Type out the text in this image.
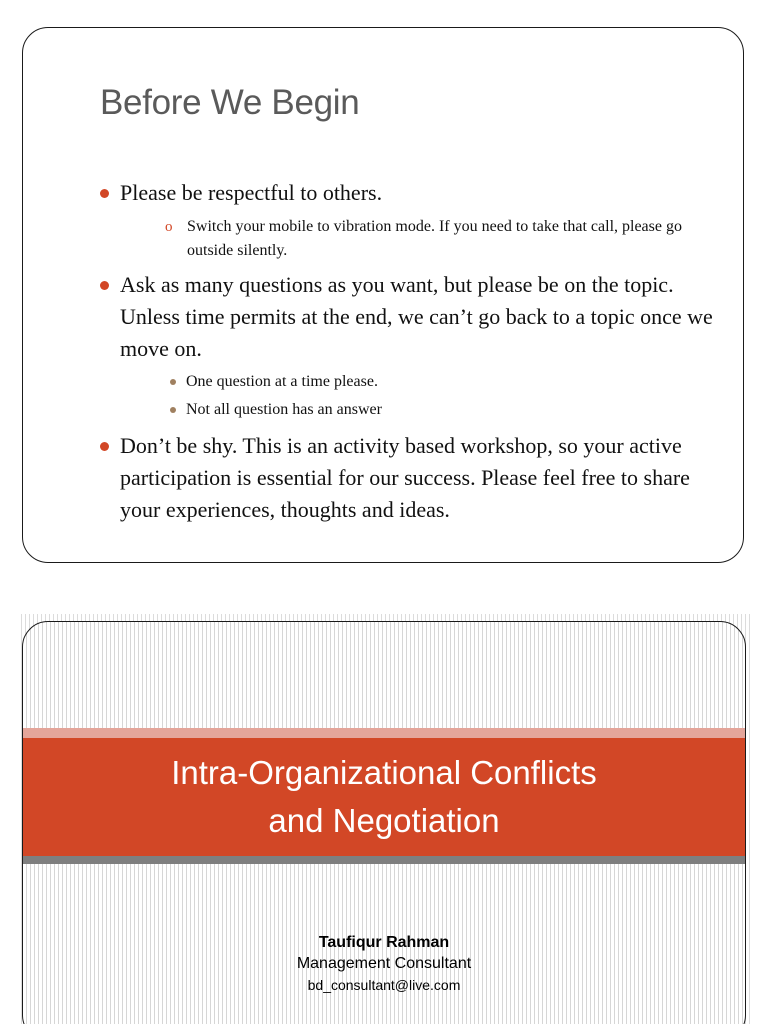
Before We Begin
Please be respectful to others.
o Switch your mobile to vibration mode. If you need to take that call, please go outside silently.
Ask as many questions as you want, but please be on the topic. Unless time permits at the end, we can’t go back to a topic once we move on.
One question at a time please.
Not all question has an answer
Don’t be shy. This is an activity based workshop, so your active participation is essential for our success. Please feel free to share your experiences, thoughts and ideas.
Intra-Organizational Conflicts
and Negotiation
Taufiqur Rahman
Management Consultant
bd_consultant@live.com
